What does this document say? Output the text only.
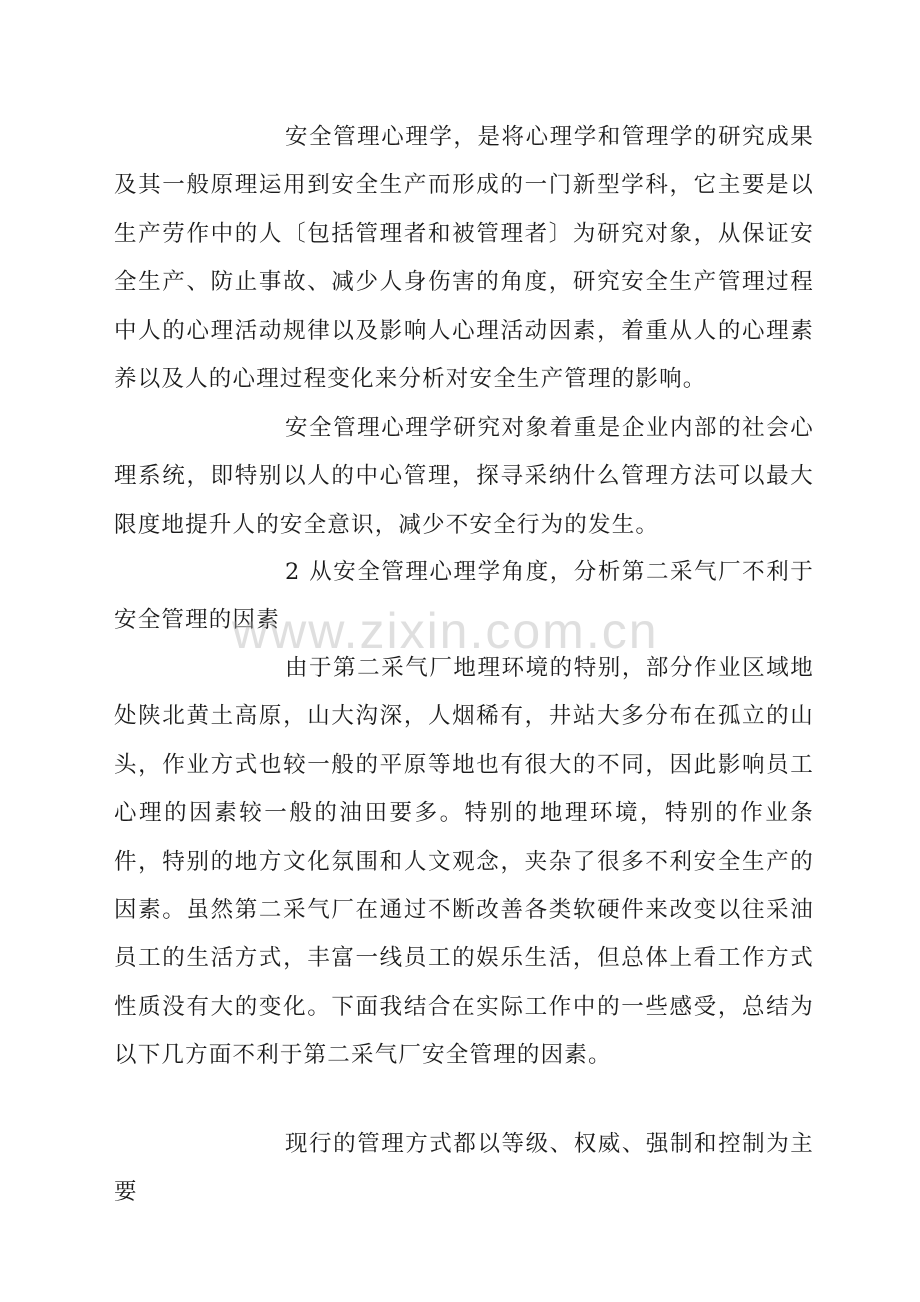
安全管理心理学，是将心理学和管理学的研究成果及其一般原理运用到安全生产而形成的一门新型学科，它主要是以生产劳作中的人〔包括管理者和被管理者〕为研究对象，从保证安全生产、防止事故、减少人身伤害的角度，研究安全生产管理过程中人的心理活动规律以及影响人心理活动因素，着重从人的心理素养以及人的心理过程变化来分析对安全生产管理的影响。

安全管理心理学研究对象着重是企业内部的社会心理系统，即特别以人的中心管理，探寻采纳什么管理方法可以最大限度地提升人的安全意识，减少不安全行为的发生。

2 从安全管理心理学角度，分析第二采气厂不利于安全管理的因素

由于第二采气厂地理环境的特别，部分作业区域地处陕北黄土高原，山大沟深，人烟稀有，井站大多分布在孤立的山头，作业方式也较一般的平原等地也有很大的不同，因此影响员工心理的因素较一般的油田要多。特别的地理环境，特别的作业条件，特别的地方文化氛围和人文观念，夹杂了很多不利安全生产的因素。虽然第二采气厂在通过不断改善各类软硬件来改变以往采油员工的生活方式，丰富一线员工的娱乐生活，但总体上看工作方式性质没有大的变化。下面我结合在实际工作中的一些感受，总结为以下几方面不利于第二采气厂安全管理的因素。

现行的管理方式都以等级、权威、强制和控制为主要

www.zixin.com.cn
